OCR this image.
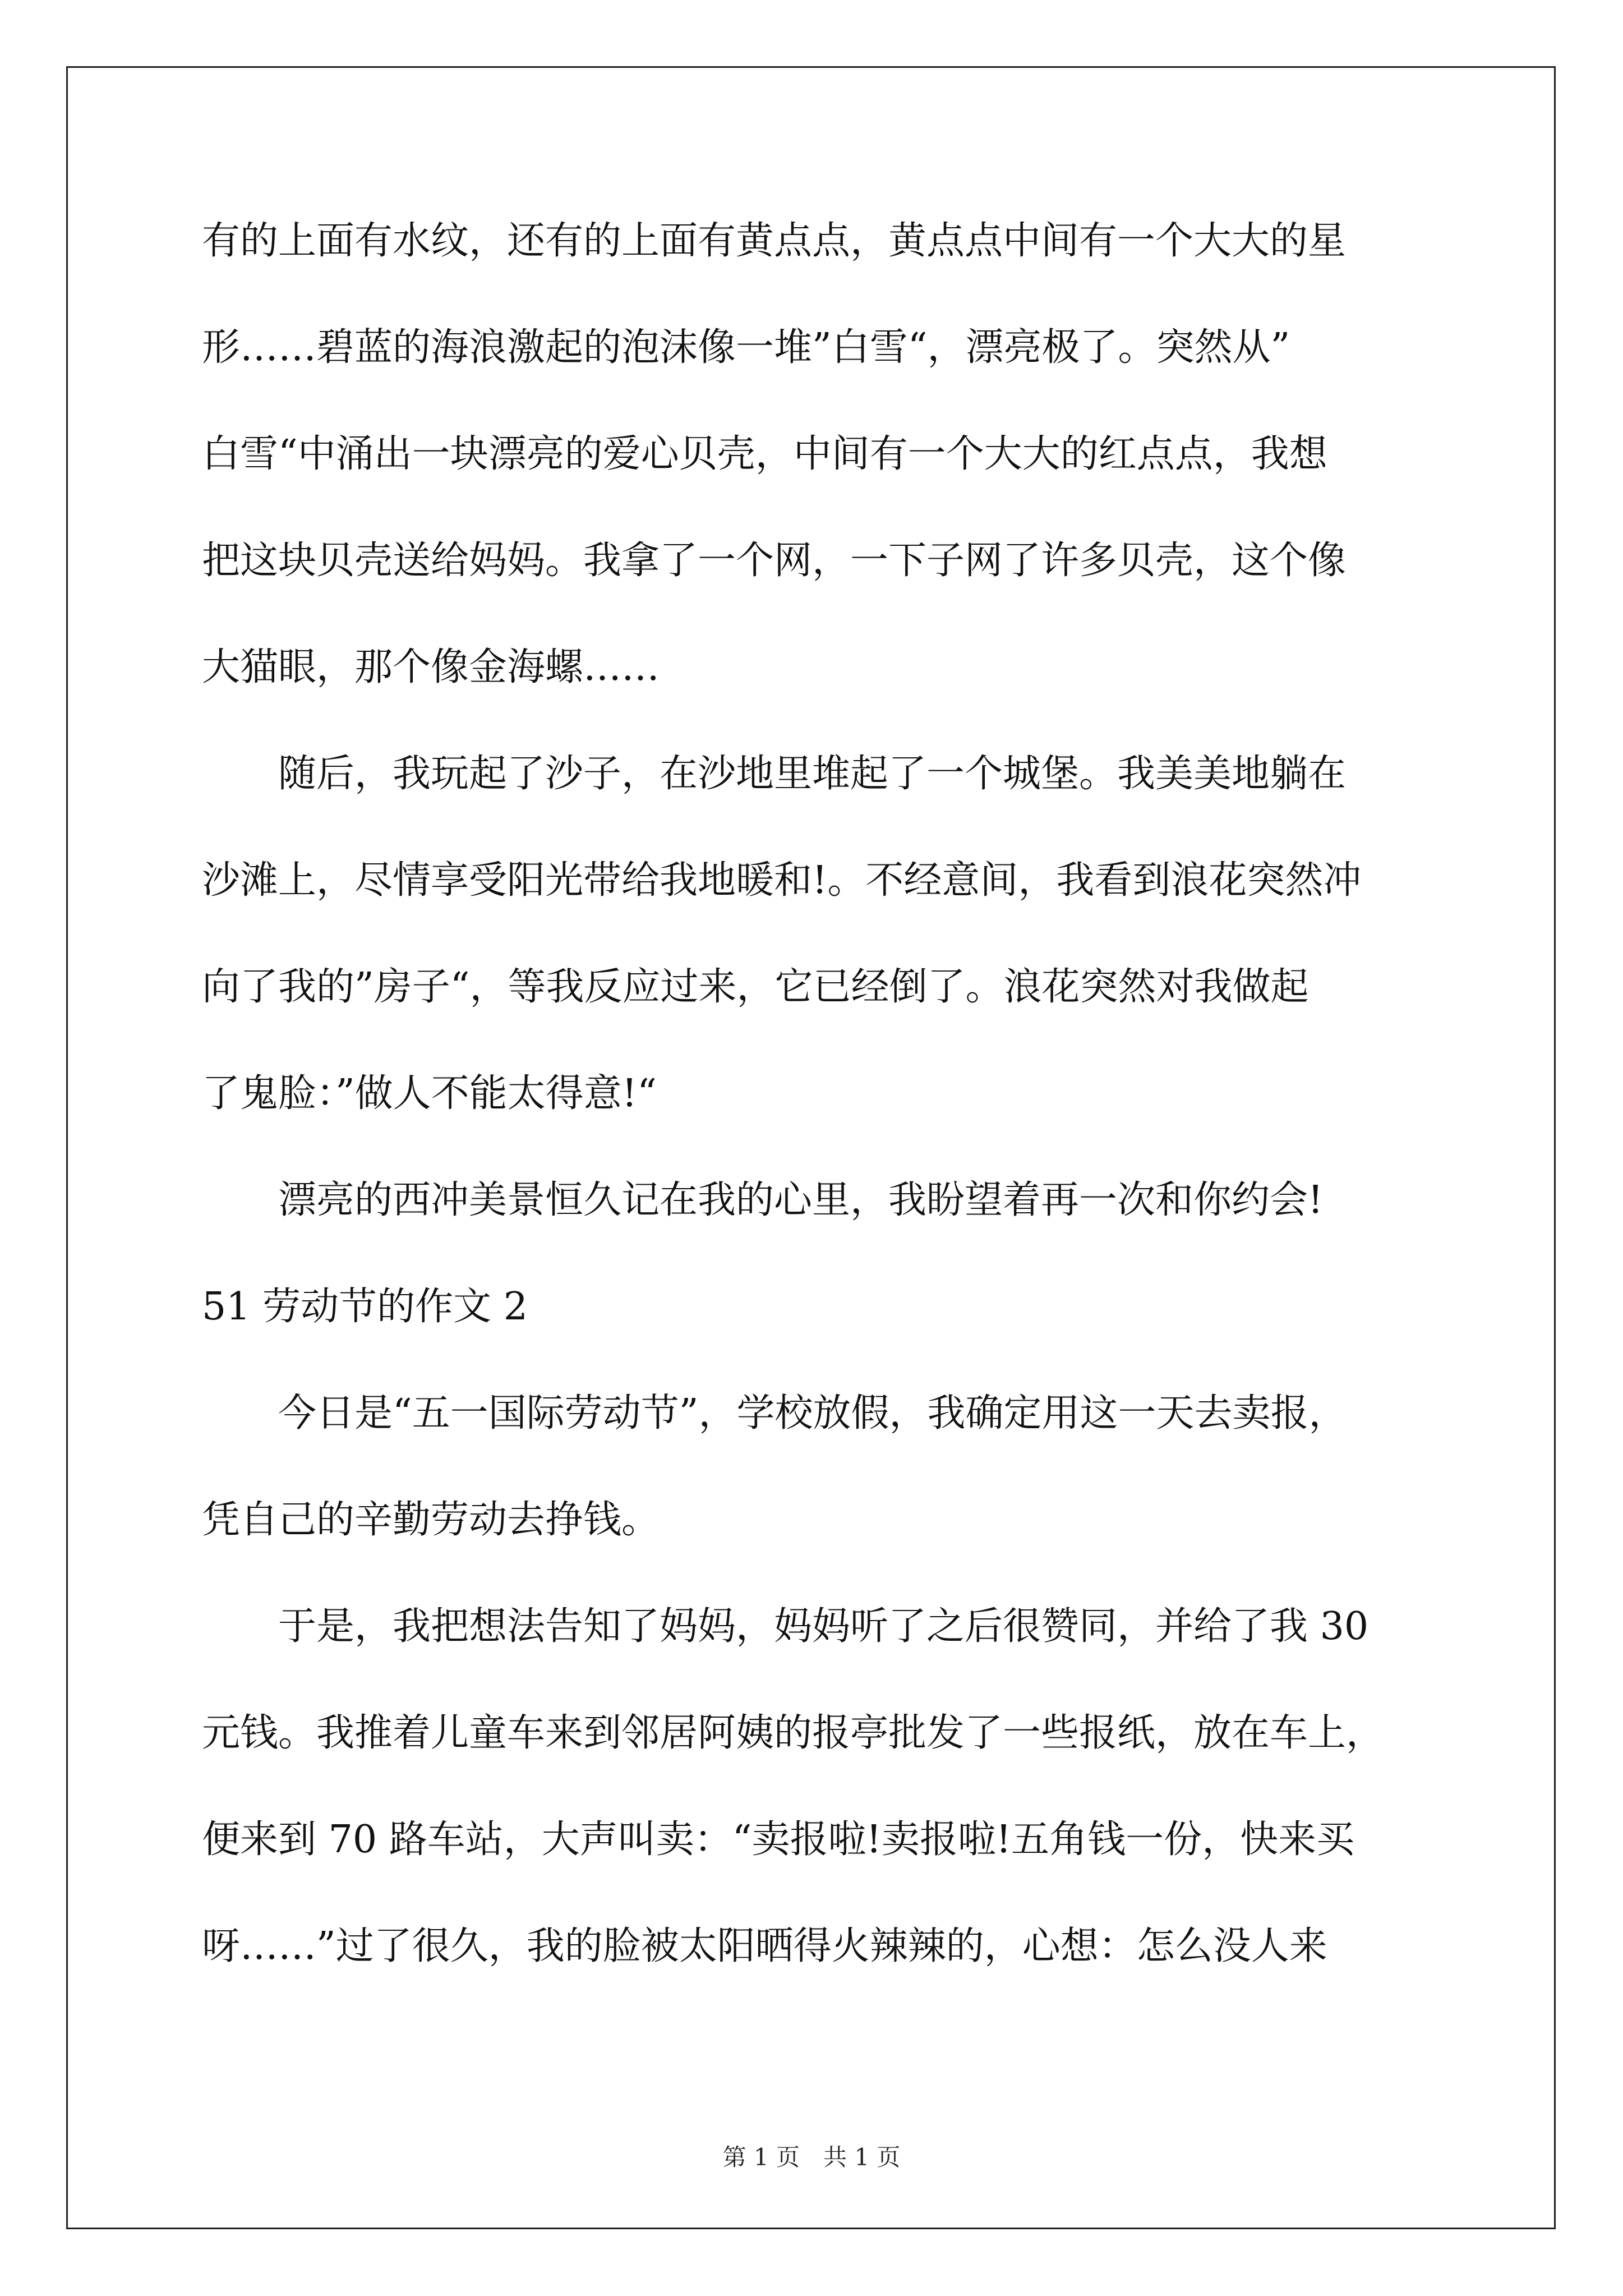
有的上面有水纹，还有的上面有黄点点，黄点点中间有一个大大的星
形……碧蓝的海浪激起的泡沫像一堆”白雪“，漂亮极了。突然从”
白雪“中涌出一块漂亮的爱心贝壳，中间有一个大大的红点点，我想
把这块贝壳送给妈妈。我拿了一个网，一下子网了许多贝壳，这个像
大猫眼，那个像金海螺……
　　随后，我玩起了沙子，在沙地里堆起了一个城堡。我美美地躺在
沙滩上，尽情享受阳光带给我地暖和!。不经意间，我看到浪花突然冲
向了我的”房子“，等我反应过来，它已经倒了。浪花突然对我做起
了鬼脸：”做人不能太得意!“
　　漂亮的西冲美景恒久记在我的心里，我盼望着再一次和你约会!
51 劳动节的作文 2
　　今日是“五一国际劳动节”，学校放假，我确定用这一天去卖报，
凭自己的辛勤劳动去挣钱。
　　于是，我把想法告知了妈妈，妈妈听了之后很赞同，并给了我 30
元钱。我推着儿童车来到邻居阿姨的报亭批发了一些报纸，放在车上，
便来到 70 路车站，大声叫卖：“卖报啦!卖报啦!五角钱一份，快来买
呀……”过了很久，我的脸被太阳晒得火辣辣的，心想：怎么没人来
第 1 页　共 1 页
